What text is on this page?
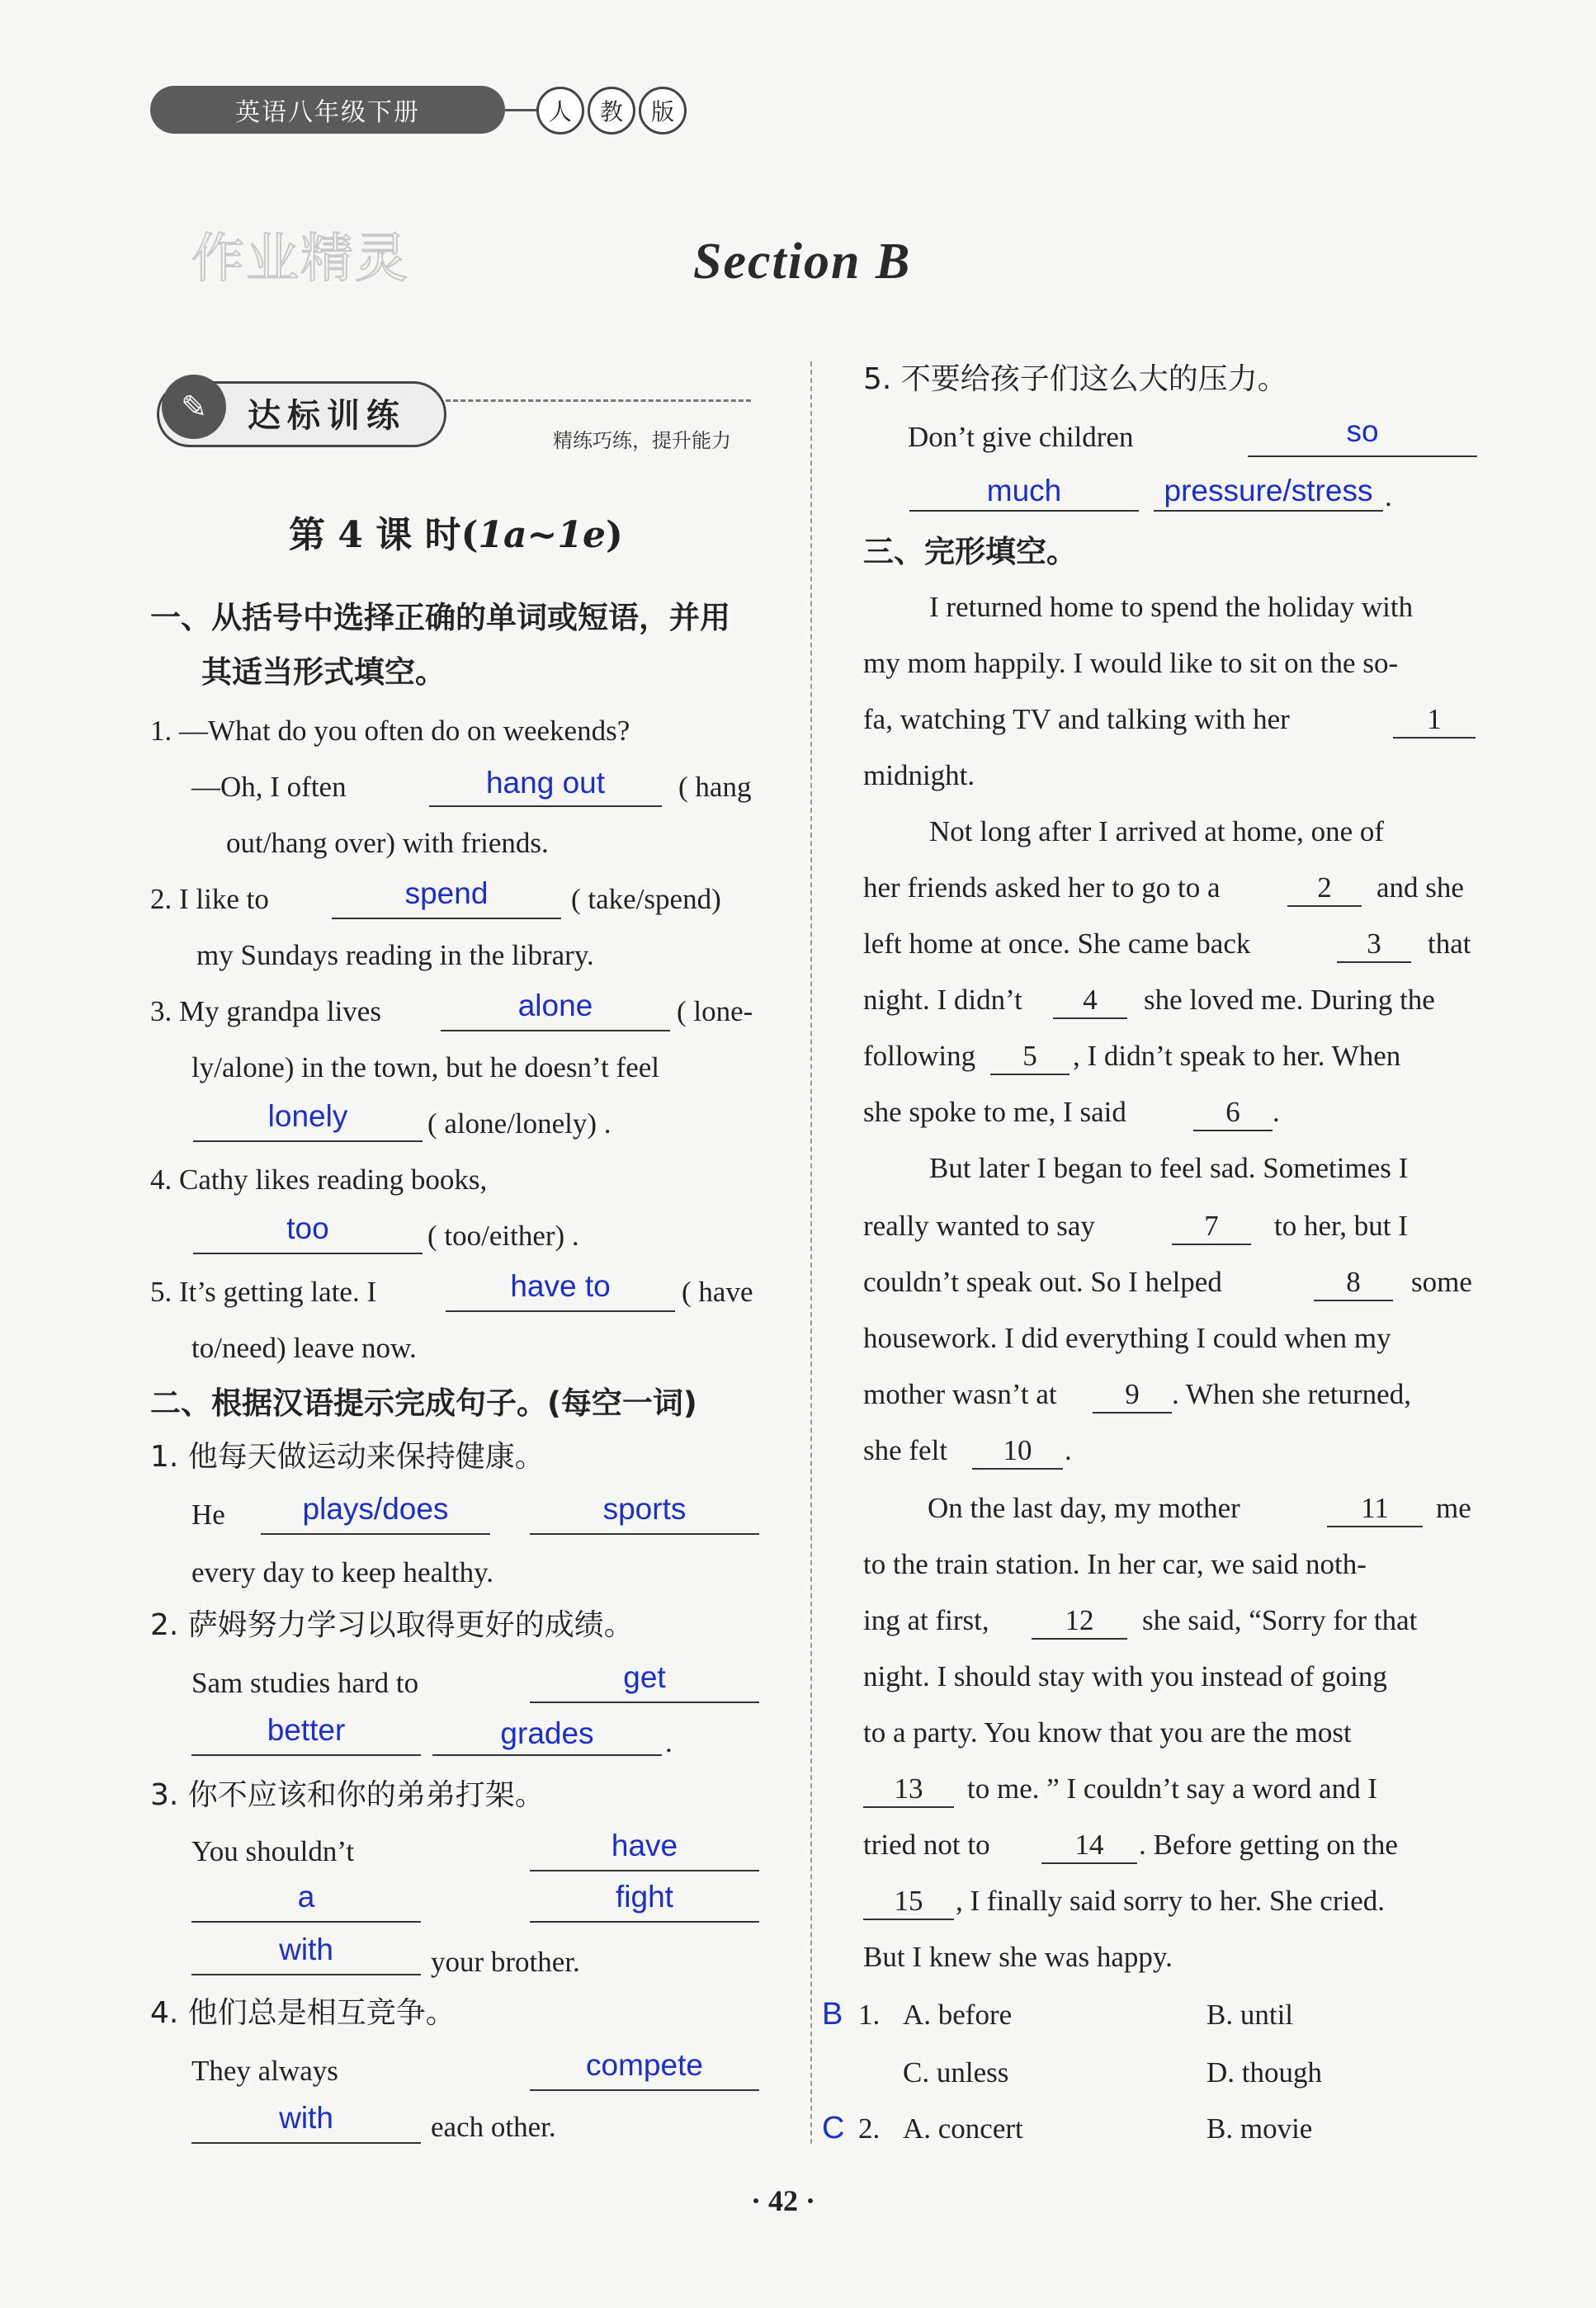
英语八年级下册	人	教	版
作业精灵	Section B
✎	达标训练
精练巧练，提升能力
第 4 课 时(1a~1e)
一、从括号中选择正确的单词或短语，并用
其适当形式填空。
1. —What do you often do on weekends?
—Oh, I often	hang out	( hang
out/hang over) with friends.
2. I like to	spend	( take/spend)
my Sundays reading in the library.
3. My grandpa lives	alone	( lone-
ly/alone) in the town, but he doesn’t feel
lonely	( alone/lonely) .
4. Cathy likes reading books,
too	( too/either) .
5. It’s getting late. I	have to	( have
to/need) leave now.
二、根据汉语提示完成句子。(每空一词)
1. 他每天做运动来保持健康。
He	plays/does	sports
every day to keep healthy.
2. 萨姆努力学习以取得更好的成绩。
Sam studies hard to	get
better	grades	.
3. 你不应该和你的弟弟打架。
You shouldn’t	have
a	fight
with	your brother.
4. 他们总是相互竞争。
They always	compete
with	each other.
5. 不要给孩子们这么大的压力。
Don’t give children	so
much	pressure/stress .
三、完形填空。
I returned home to spend the holiday with
my mom happily. I would like to sit on the so-
fa, watching TV and talking with her	1
midnight.
Not long after I arrived at home, one of
her friends asked her to go to a	2	and she
left home at once. She came back	3	that
night. I didn’t	4	she loved me. During the
following	5	, I didn’t speak to her. When
she spoke to me, I said	6	.
But later I began to feel sad. Sometimes I
really wanted to say	7	to her, but I
couldn’t speak out. So I helped	8	some
housework. I did everything I could when my
mother wasn’t at	9	. When she returned,
she felt	10	.
On the last day, my mother	11	me
to the train station. In her car, we said noth-
ing at first,	12	she said, “Sorry for that
night. I should stay with you instead of going
to a party. You know that you are the most
13	to me. ” I couldn’t say a word and I
tried not to	14	. Before getting on the
15	, I finally said sorry to her. She cried.
But I knew she was happy.
B 1. A. before	B. until
C. unless	D. though
C 2. A. concert	B. movie
· 42 ·
